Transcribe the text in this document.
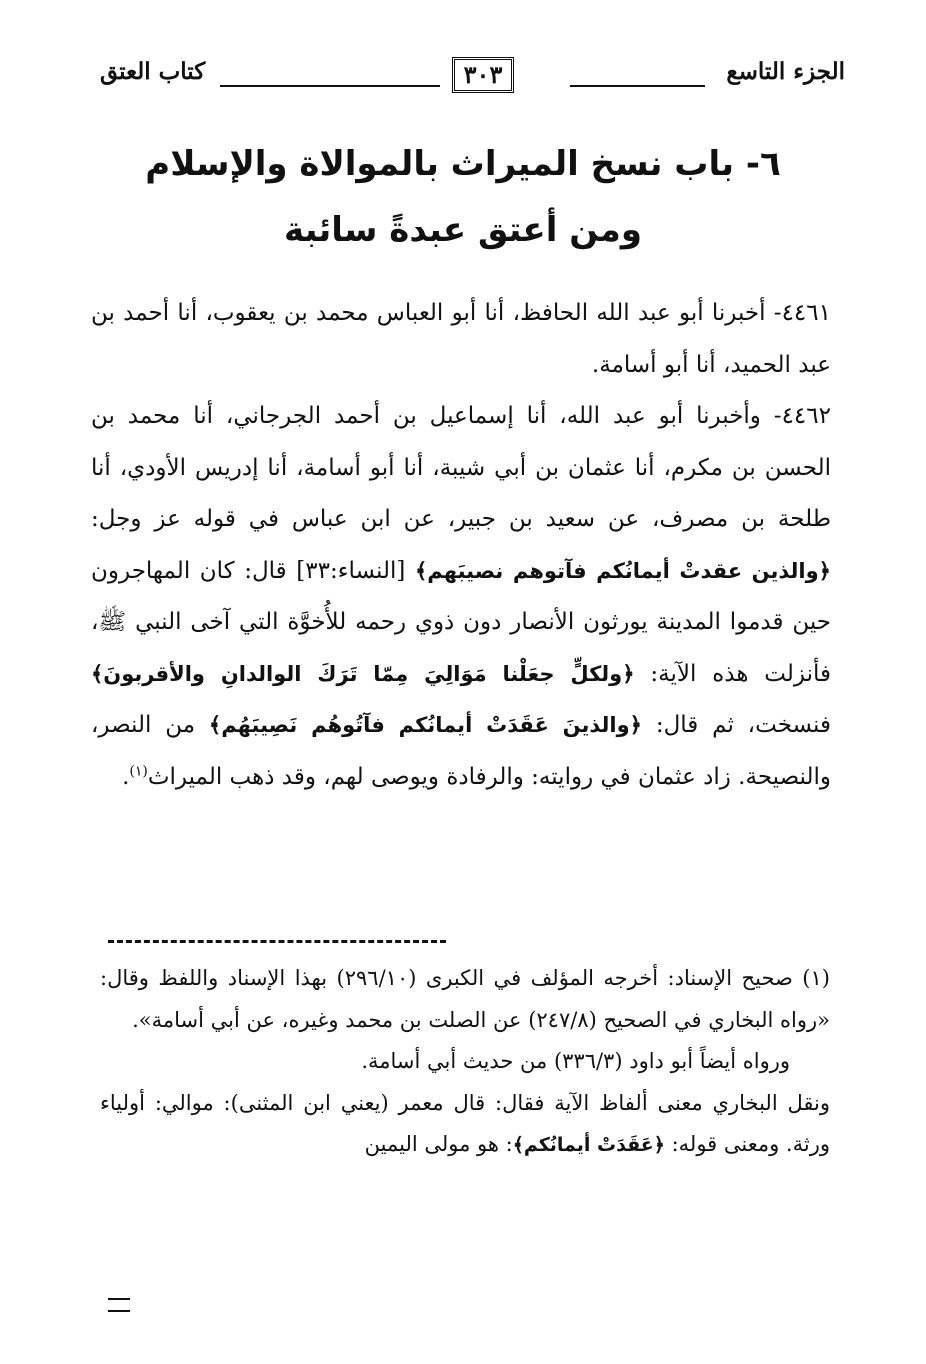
الجزء التاسع
٣٠٣
كتاب العتق
٦- باب نسخ الميراث بالموالاة والإسلام
ومن أعتق عبدةً سائبة

٤٤٦١- أخبرنا أبو عبد الله الحافظ، أنا أبو العباس محمد بن يعقوب، أنا أحمد بن عبد الحميد، أنا أبو أسامة.

٤٤٦٢- وأخبرنا أبو عبد الله، أنا إسماعيل بن أحمد الجرجاني، أنا محمد بن الحسن بن مكرم، أنا عثمان بن أبي شيبة، أنا أبو أسامة، أنا إدريس الأودي، أنا طلحة بن مصرف، عن سعيد بن جبير، عن ابن عباس في قوله عز وجل: ﴿والذين عقدتْ أيمانُكم فآتوهم نصيبَهم﴾ [النساء:٣٣] قال: كان المهاجرون حين قدموا المدينة يورثون الأنصار دون ذوي رحمه للأُخوَّة التي آخى النبي ﷺ، فأنزلت هذه الآية: ﴿ولكلٍّ جعَلْنا مَوَالِيَ مِمّا تَرَكَ الوالدانِ والأقربونَ﴾ فنسخت، ثم قال: ﴿والذينَ عَقَدَتْ أيمانُكم فآتُوهُم نَصِيبَهُم﴾ من النصر، والنصيحة. زاد عثمان في روايته: والرفادة ويوصى لهم، وقد ذهب الميراث$^{(١)}$.

(١) صحيح الإسناد: أخرجه المؤلف في الكبرى (٢٩٦/١٠) بهذا الإسناد واللفظ وقال: «رواه البخاري في الصحيح (٢٤٧/٨) عن الصلت بن محمد وغيره، عن أبي أسامة».

ورواه أيضاً أبو داود (٣٣٦/٣) من حديث أبي أسامة.

ونقل البخاري معنى ألفاظ الآية فقال: قال معمر (يعني ابن المثنى): موالي: أولياء ورثة. ومعنى قوله: ﴿عَقَدَتْ أيمانُكم﴾: هو مولى اليمين
